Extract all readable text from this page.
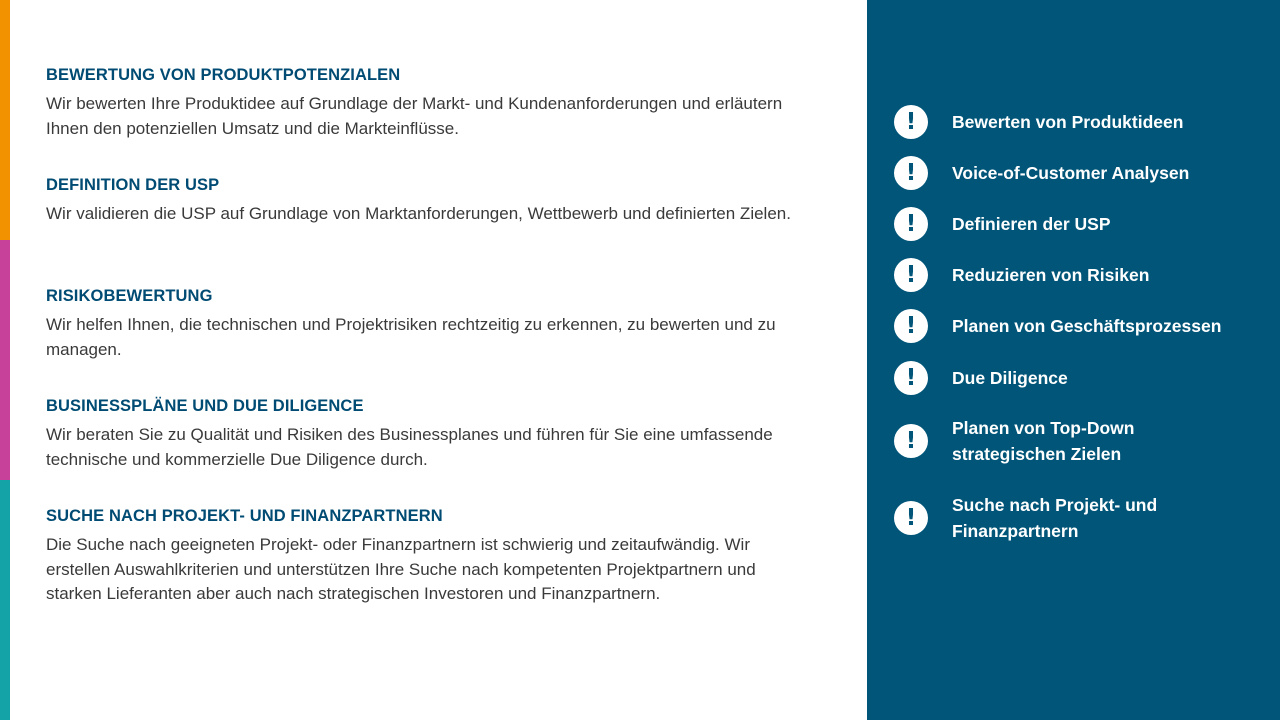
BEWERTUNG VON PRODUKTPOTENZIALEN

Wir bewerten Ihre Produktidee auf Grundlage der Markt- und Kundenanforderungen und erläutern Ihnen den potenziellen Umsatz und die Markteinflüsse.

DEFINITION DER USP

Wir validieren die USP auf Grundlage von Marktanforderungen, Wettbewerb und definierten Zielen.

RISIKOBEWERTUNG

Wir helfen Ihnen, die technischen und Projektrisiken rechtzeitig zu erkennen, zu bewerten und zu managen.

BUSINESSPLÄNE UND DUE DILIGENCE

Wir beraten Sie zu Qualität und Risiken des Businessplanes und führen für Sie eine umfassende technische und kommerzielle Due Diligence durch.

SUCHE NACH PROJEKT- UND FINANZPARTNERN

Die Suche nach geeigneten Projekt- oder Finanzpartnern ist schwierig und zeitaufwändig. Wir erstellen Auswahlkriterien und unterstützen Ihre Suche nach kompetenten Projektpartnern und starken Lieferanten aber auch nach strategischen Investoren und Finanzpartnern.

!	Bewerten von Produktideen
!	Voice-of-Customer Analysen
!	Definieren der USP
!	Reduzieren von Risiken
!	Planen von Geschäftsprozessen
!	Due Diligence
!	Planen von Top-Down strategischen Zielen
!	Suche nach Projekt- und Finanzpartnern
